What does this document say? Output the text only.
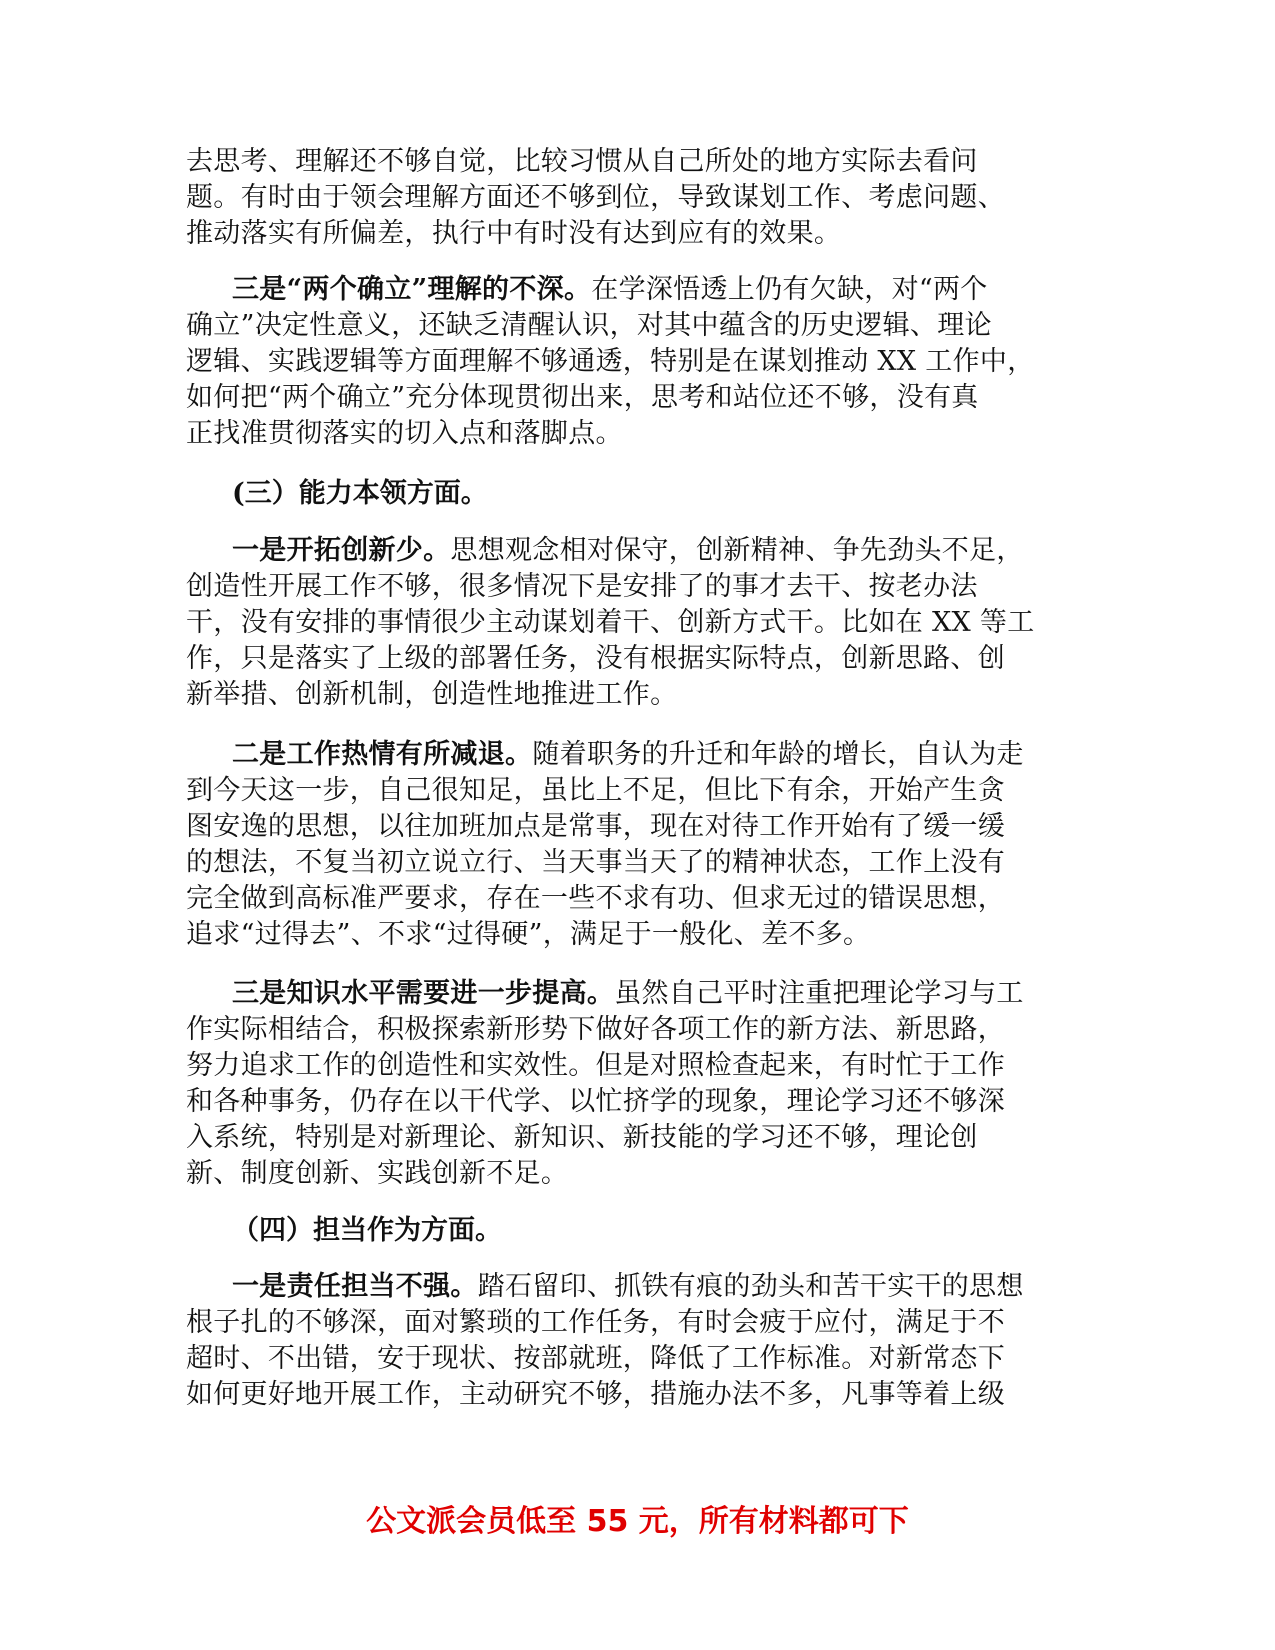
去思考、理解还不够自觉，比较习惯从自己所处的地方实际去看问
题。有时由于领会理解方面还不够到位，导致谋划工作、考虑问题、
推动落实有所偏差，执行中有时没有达到应有的效果。
三是“两个确立”理解的不深。在学深悟透上仍有欠缺，对“两个
确立”决定性意义，还缺乏清醒认识，对其中蕴含的历史逻辑、理论
逻辑、实践逻辑等方面理解不够通透，特别是在谋划推动 XX 工作中，
如何把“两个确立”充分体现贯彻出来，思考和站位还不够，没有真
正找准贯彻落实的切入点和落脚点。
(三）能力本领方面。
一是开拓创新少。思想观念相对保守，创新精神、争先劲头不足，
创造性开展工作不够，很多情况下是安排了的事才去干、按老办法
干，没有安排的事情很少主动谋划着干、创新方式干。比如在 XX 等工
作，只是落实了上级的部署任务，没有根据实际特点，创新思路、创
新举措、创新机制，创造性地推进工作。
二是工作热情有所减退。随着职务的升迁和年龄的增长，自认为走
到今天这一步，自己很知足，虽比上不足，但比下有余，开始产生贪
图安逸的思想，以往加班加点是常事，现在对待工作开始有了缓一缓
的想法，不复当初立说立行、当天事当天了的精神状态，工作上没有
完全做到高标准严要求，存在一些不求有功、但求无过的错误思想，
追求“过得去”、不求“过得硬”，满足于一般化、差不多。
三是知识水平需要进一步提高。虽然自己平时注重把理论学习与工
作实际相结合，积极探索新形势下做好各项工作的新方法、新思路，
努力追求工作的创造性和实效性。但是对照检查起来，有时忙于工作
和各种事务，仍存在以干代学、以忙挤学的现象，理论学习还不够深
入系统，特别是对新理论、新知识、新技能的学习还不够，理论创
新、制度创新、实践创新不足。
（四）担当作为方面。
一是责任担当不强。踏石留印、抓铁有痕的劲头和苦干实干的思想
根子扎的不够深，面对繁琐的工作任务，有时会疲于应付，满足于不
超时、不出错，安于现状、按部就班，降低了工作标准。对新常态下
如何更好地开展工作，主动研究不够，措施办法不多，凡事等着上级
公文派会员低至 55 元，所有材料都可下
